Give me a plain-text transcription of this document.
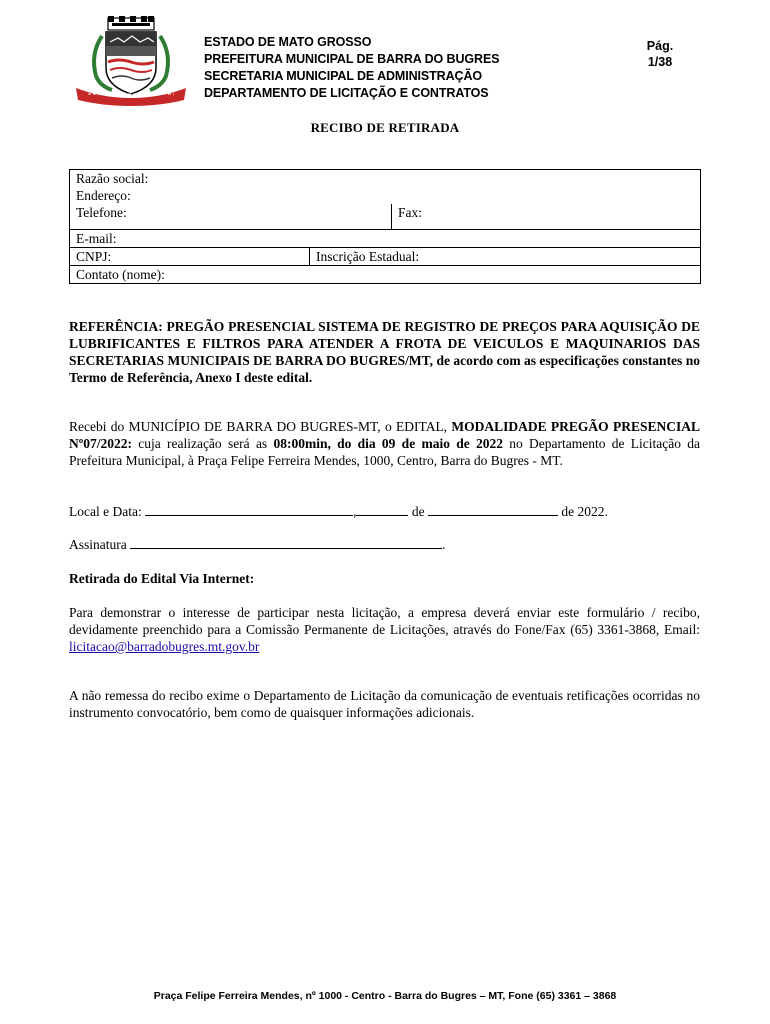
ESTADO DE MATO GROSSO
PREFEITURA MUNICIPAL DE BARRA DO BUGRES
SECRETARIA MUNICIPAL DE ADMINISTRAÇÃO
DEPARTAMENTO DE LICITAÇÃO E CONTRATOS
Pág.
1/38
RECIBO DE RETIRADA
Razão social:
Endereço:
Telefone:	Fax:
E-mail:
CNPJ:	Inscrição Estadual:
Contato (nome):
REFERÊNCIA: PREGÃO PRESENCIAL SISTEMA DE REGISTRO DE PREÇOS PARA AQUISIÇÃO DE LUBRIFICANTES E FILTROS PARA ATENDER A FROTA DE VEICULOS E MAQUINARIOS DAS SECRETARIAS MUNICIPAIS DE BARRA DO BUGRES/MT, de acordo com as especificações constantes no Termo de Referência, Anexo I deste edital.
Recebi do MUNICÍPIO DE BARRA DO BUGRES-MT, o EDITAL, MODALIDADE PREGÃO PRESENCIAL Nº07/2022: cuja realização será as 08:00min, do dia 09 de maio de 2022 no Departamento de Licitação da Prefeitura Municipal, à Praça Felipe Ferreira Mendes, 1000, Centro, Barra do Bugres - MT.
Local e Data:	,	de	de 2022.
Assinatura	.
Retirada do Edital Via Internet:
Para demonstrar o interesse de participar nesta licitação, a empresa deverá enviar este formulário / recibo, devidamente preenchido para a Comissão Permanente de Licitações, através do Fone/Fax (65) 3361-3868, Email: licitacao@barradobugres.mt.gov.br
A não remessa do recibo exime o Departamento de Licitação da comunicação de eventuais retificações ocorridas no instrumento convocatório, bem como de quaisquer informações adicionais.
Praça Felipe Ferreira Mendes, nº 1000 - Centro - Barra do Bugres – MT, Fone (65) 3361 – 3868
